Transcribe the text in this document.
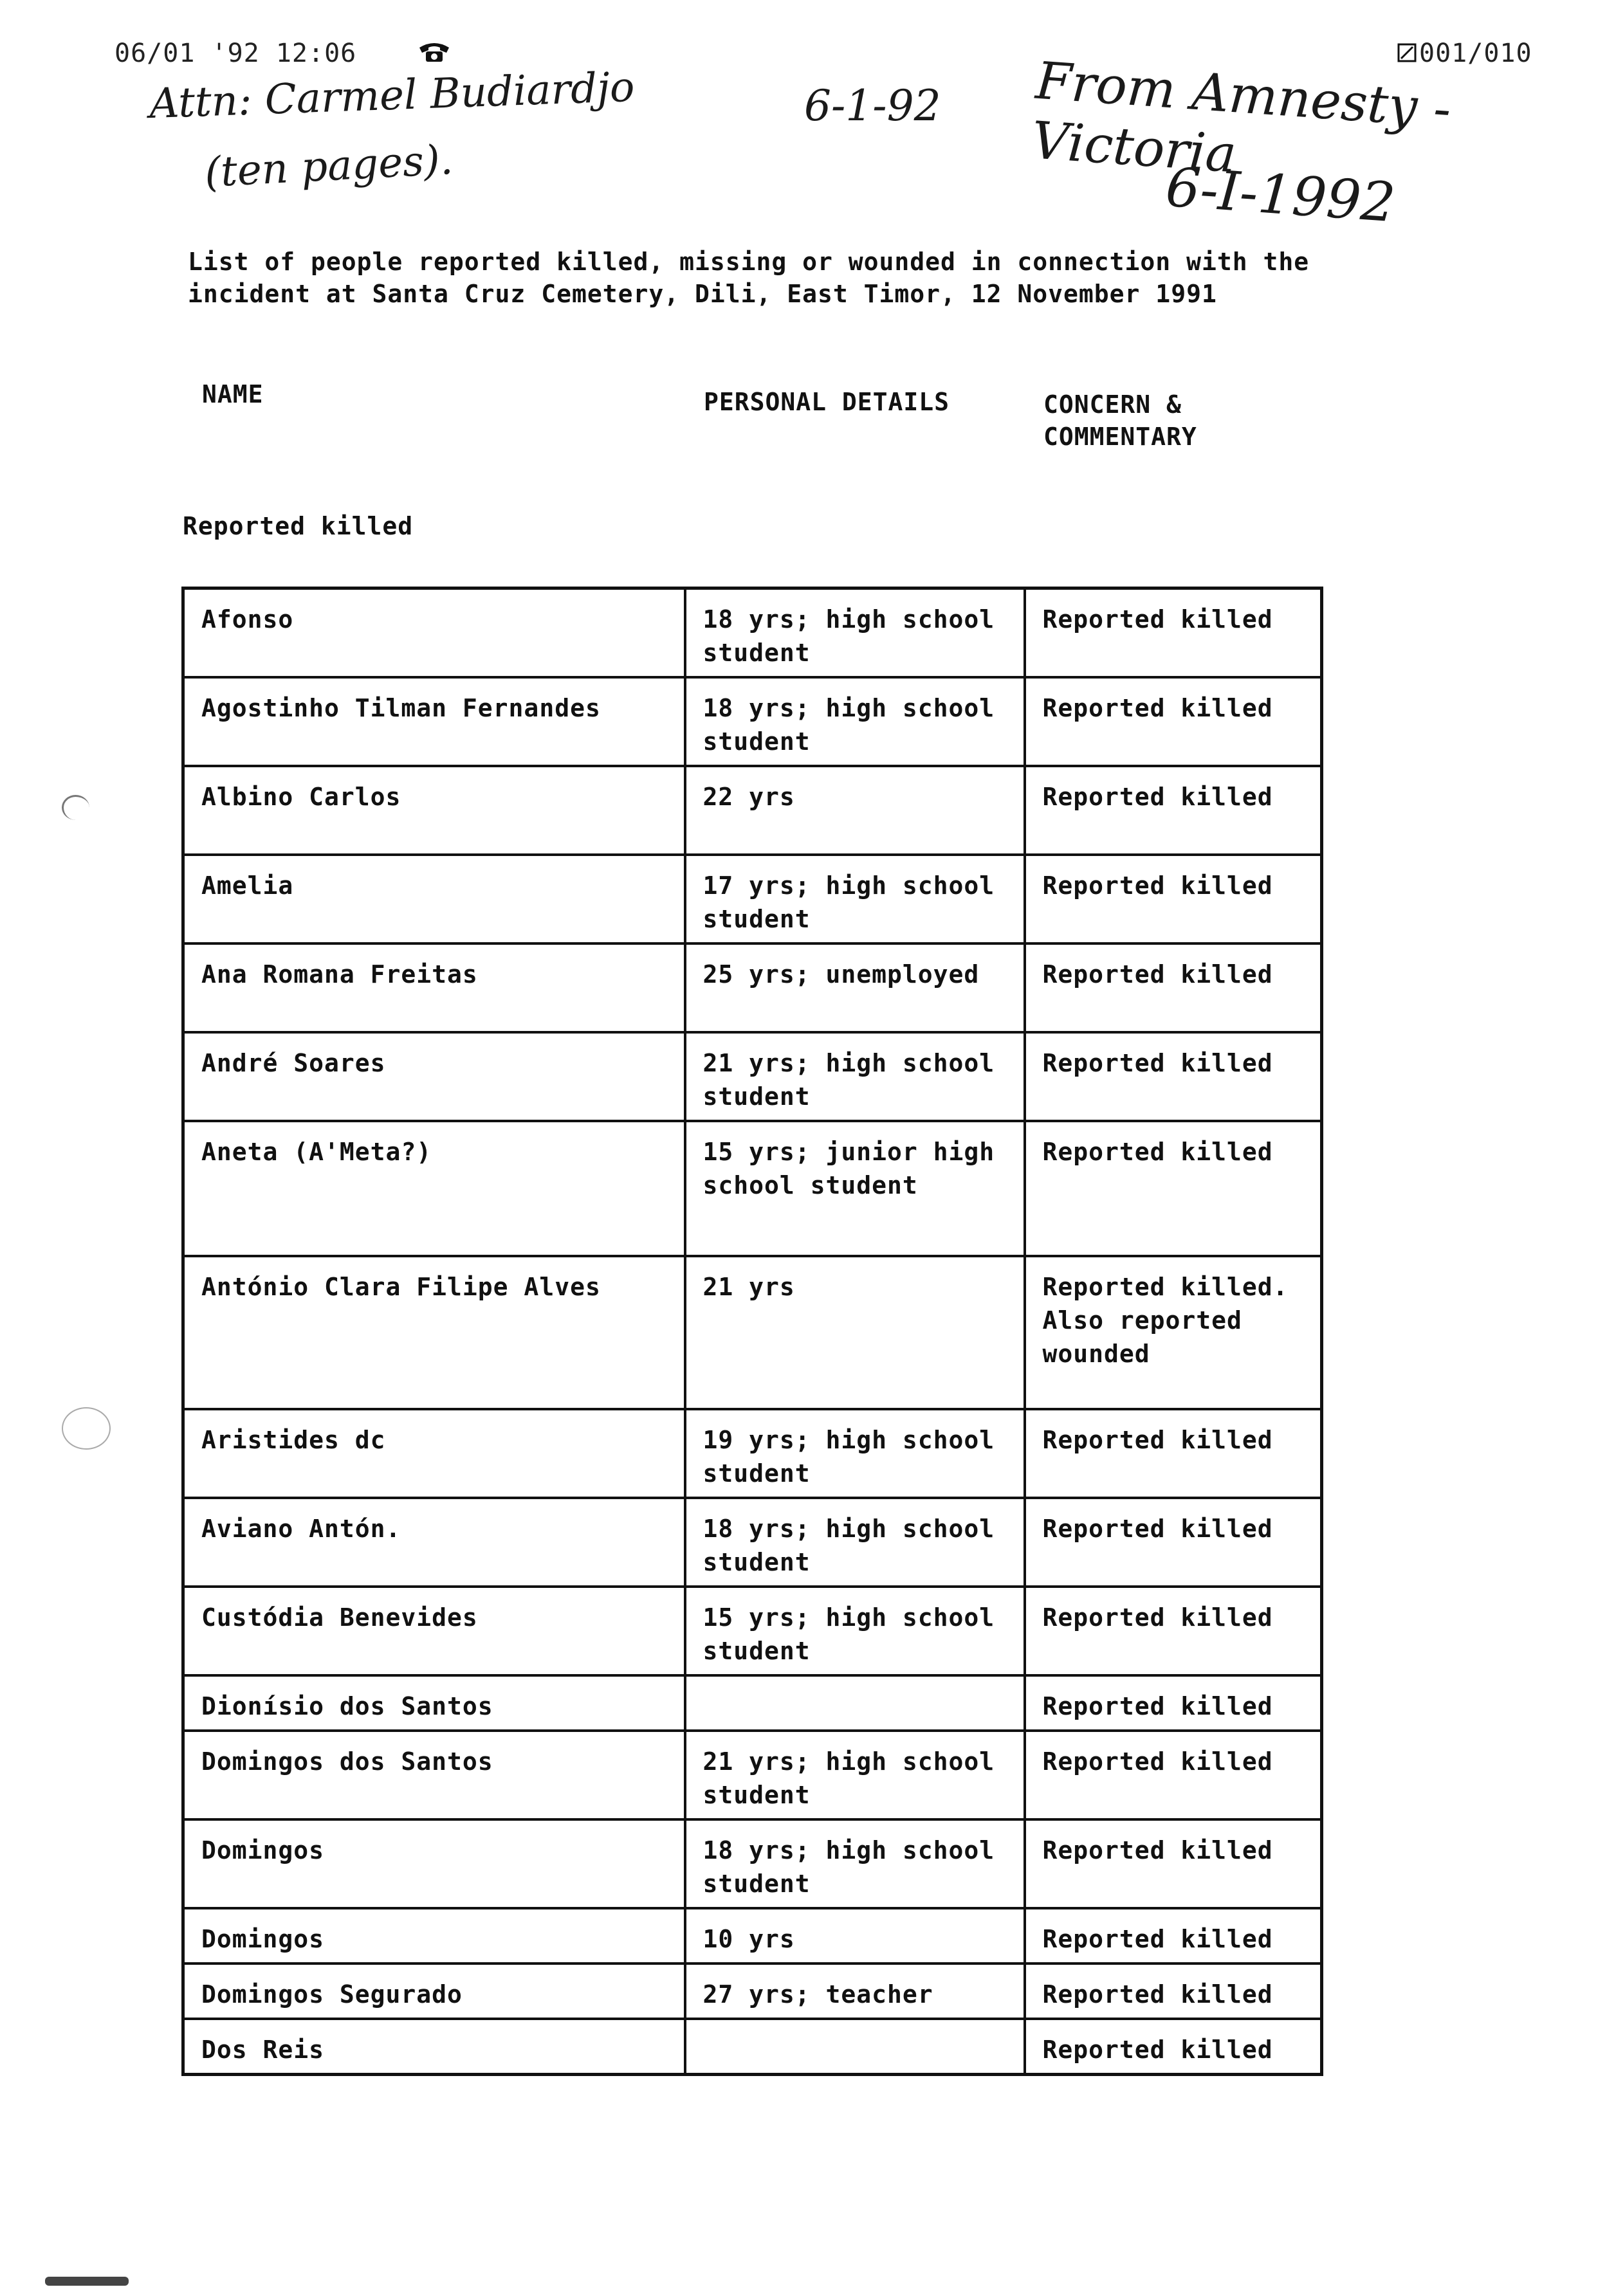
06/01 '92 12:06	001/010
Attn: Carmel Budiardjo
(ten pages).
6-1-92 From Amnesty - Victoria
6-I-1992
List of people reported killed, missing or wounded in connection with the incident at Santa Cruz Cemetery, Dili, East Timor, 12 November 1991
NAME	PERSONAL DETAILS	CONCERN &
COMMENTARY
Reported killed
Afonso	18 yrs; high school student	Reported killed
Agostinho Tilman Fernandes	18 yrs; high school student	Reported killed
Albino Carlos	22 yrs	Reported killed
Amelia	17 yrs; high school student	Reported killed
Ana Romana Freitas	25 yrs; unemployed	Reported killed
André Soares	21 yrs; high school student	Reported killed
Aneta (A'Meta?)	15 yrs; junior high school student	Reported killed
António Clara Filipe Alves	21 yrs	Reported killed. Also reported wounded
Aristides dc	19 yrs; high school student	Reported killed
Aviano Antón.	18 yrs; high school student	Reported killed
Custódia Benevides	15 yrs; high school student	Reported killed
Dionísio dos Santos		Reported killed
Domingos dos Santos	21 yrs; high school student	Reported killed
Domingos	18 yrs; high school student	Reported killed
Domingos	10 yrs	Reported killed
Domingos Segurado	27 yrs; teacher	Reported killed
Dos Reis		Reported killed
